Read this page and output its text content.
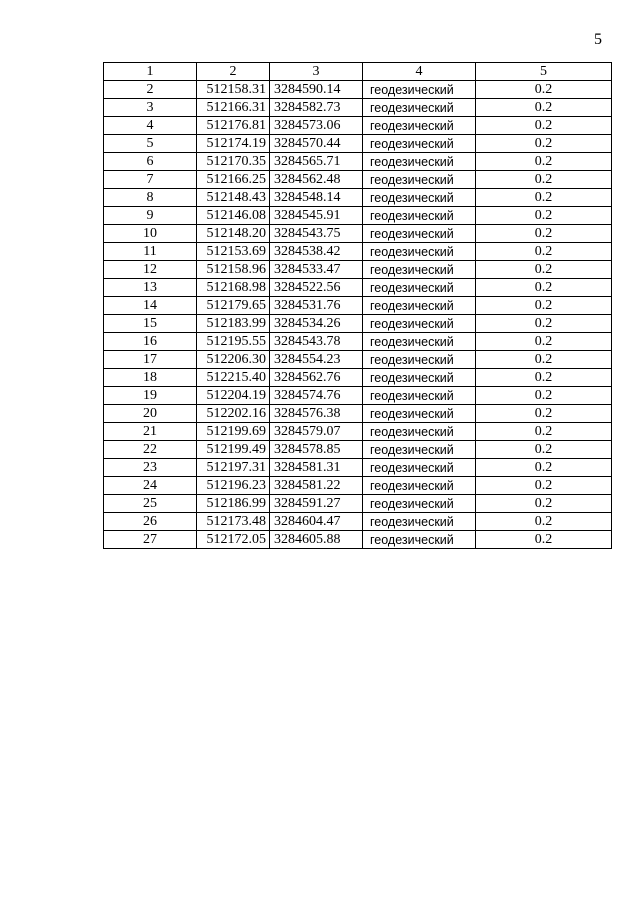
5
1	2	3	4	5
2	512158.31	3284590.14	геодезический	0.2
3	512166.31	3284582.73	геодезический	0.2
4	512176.81	3284573.06	геодезический	0.2
5	512174.19	3284570.44	геодезический	0.2
6	512170.35	3284565.71	геодезический	0.2
7	512166.25	3284562.48	геодезический	0.2
8	512148.43	3284548.14	геодезический	0.2
9	512146.08	3284545.91	геодезический	0.2
10	512148.20	3284543.75	геодезический	0.2
11	512153.69	3284538.42	геодезический	0.2
12	512158.96	3284533.47	геодезический	0.2
13	512168.98	3284522.56	геодезический	0.2
14	512179.65	3284531.76	геодезический	0.2
15	512183.99	3284534.26	геодезический	0.2
16	512195.55	3284543.78	геодезический	0.2
17	512206.30	3284554.23	геодезический	0.2
18	512215.40	3284562.76	геодезический	0.2
19	512204.19	3284574.76	геодезический	0.2
20	512202.16	3284576.38	геодезический	0.2
21	512199.69	3284579.07	геодезический	0.2
22	512199.49	3284578.85	геодезический	0.2
23	512197.31	3284581.31	геодезический	0.2
24	512196.23	3284581.22	геодезический	0.2
25	512186.99	3284591.27	геодезический	0.2
26	512173.48	3284604.47	геодезический	0.2
27	512172.05	3284605.88	геодезический	0.2
